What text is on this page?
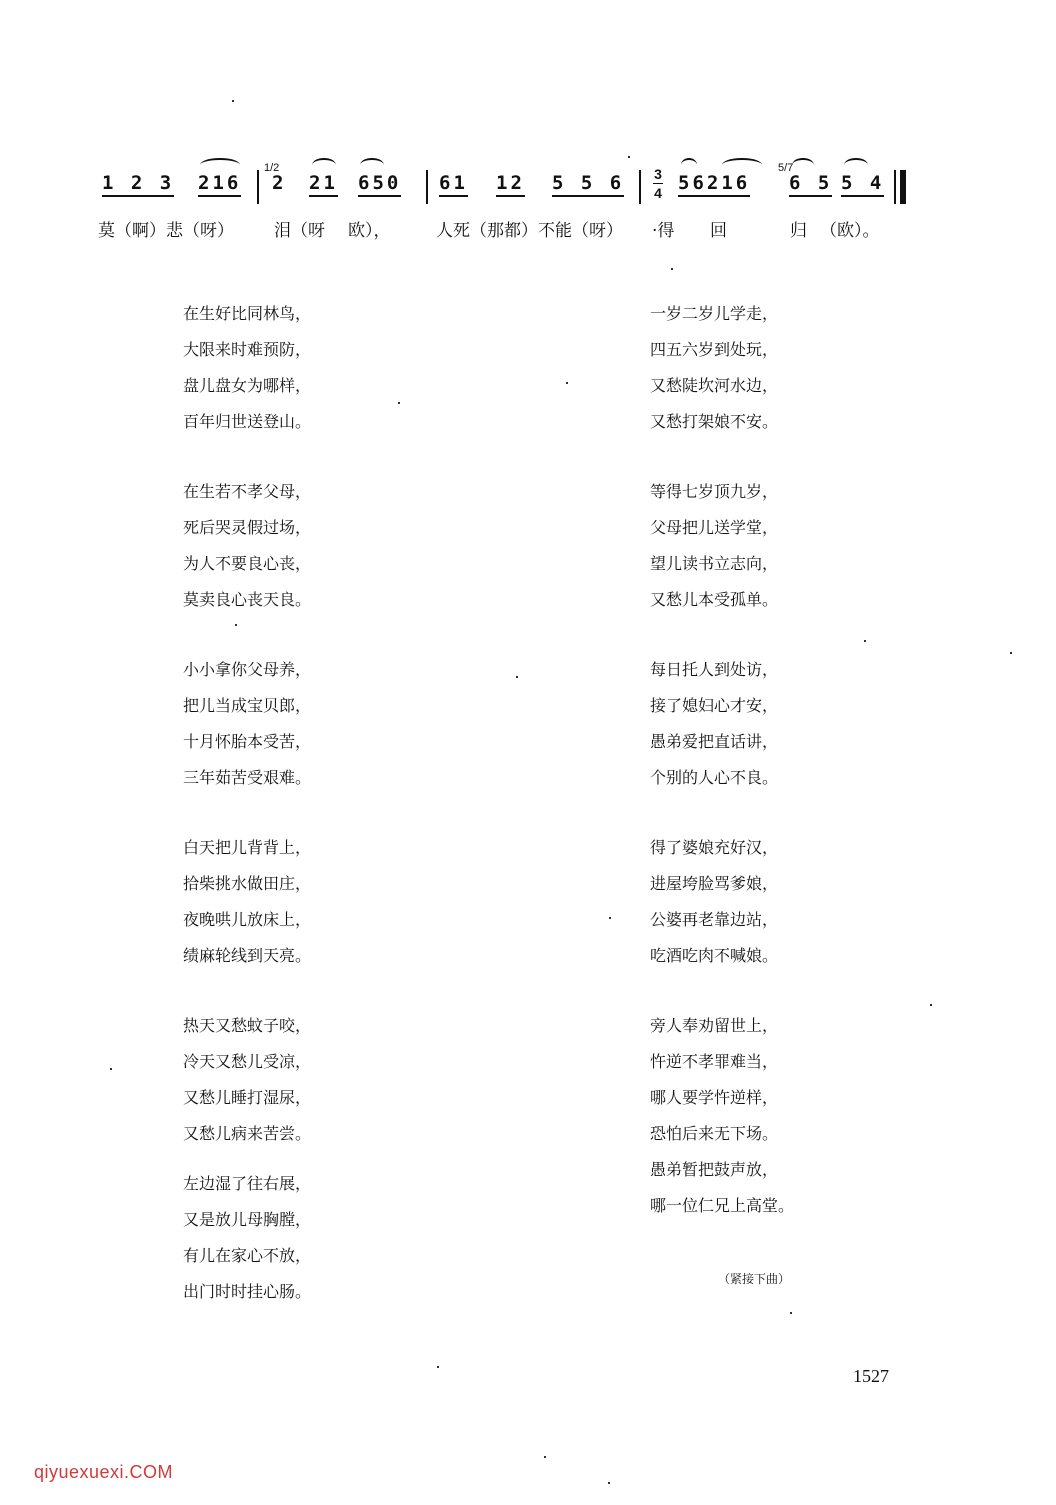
1 2 3 216
1/2
2 21 650 61 12 5 5 6 3
4 56216
5/7
6 5 5 4
莫（啊）悲（呀） 泪（呀 欧），	人死（那都）不能（呀） ·得 回	归 （欧）。
在生好比同林鸟，
大限来时难预防，
盘儿盘女为哪样，
百年归世送登山。
在生若不孝父母，
死后哭灵假过场，
为人不要良心丧，
莫卖良心丧天良。
小小拿你父母养，
把儿当成宝贝郎，
十月怀胎本受苦，
三年茹苦受艰难。
白天把儿背背上，
拾柴挑水做田庄，
夜晚哄儿放床上，
绩麻轮线到天亮。
热天又愁蚊子咬，
冷天又愁儿受凉，
又愁儿睡打湿尿，
又愁儿病来苦尝。
左边湿了往右展，
又是放儿母胸膛，
有儿在家心不放，
出门时时挂心肠。
一岁二岁儿学走，
四五六岁到处玩，
又愁陡坎河水边，
又愁打架娘不安。
等得七岁顶九岁，
父母把儿送学堂，
望儿读书立志向，
又愁儿本受孤单。
每日托人到处访，
接了媳妇心才安，
愚弟爱把直话讲，
个别的人心不良。
得了婆娘充好汉，
进屋垮脸骂爹娘，
公婆再老靠边站，
吃酒吃肉不喊娘。
旁人奉劝留世上，
忤逆不孝罪难当，
哪人要学忤逆样，
恐怕后来无下场。
愚弟暂把鼓声放，
哪一位仁兄上高堂。
（紧接下曲）
1527
qiyuexuexi.COM
